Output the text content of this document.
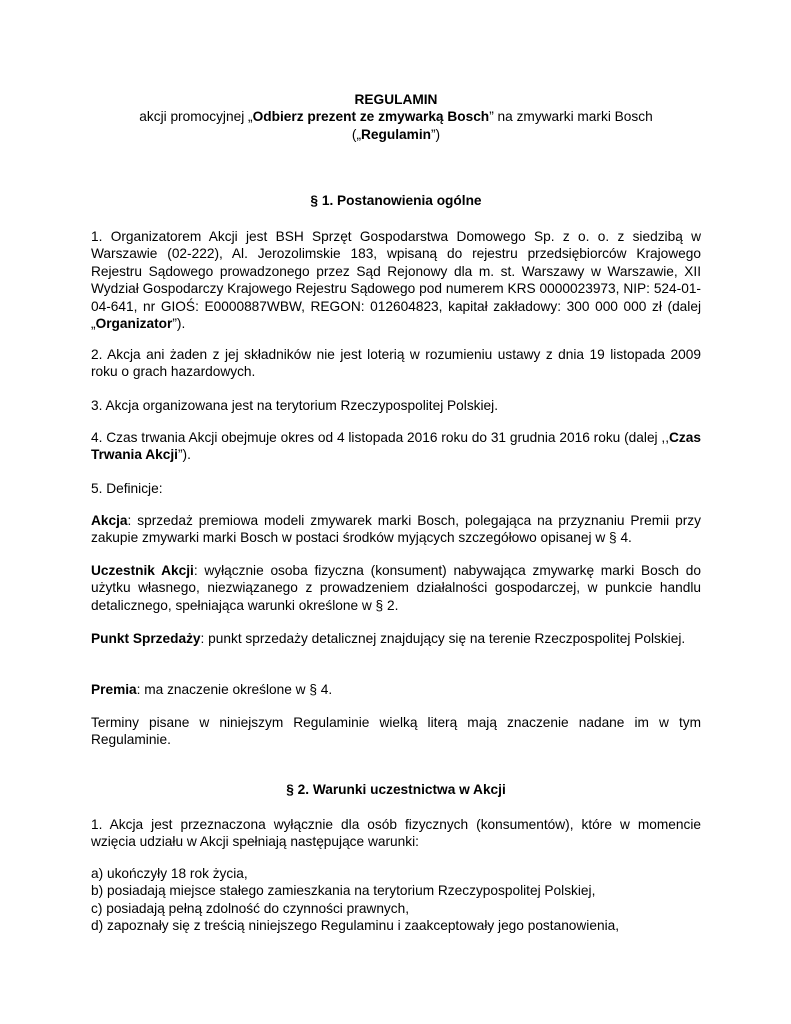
REGULAMIN

akcji promocyjnej „Odbierz prezent ze zmywarką Bosch” na zmywarki marki Bosch

(„Regulamin”)

§ 1. Postanowienia ogólne

1. Organizatorem Akcji jest BSH Sprzęt Gospodarstwa Domowego Sp. z o. o. z siedzibą w Warszawie (02-222), Al. Jerozolimskie 183, wpisaną do rejestru przedsiębiorców Krajowego Rejestru Sądowego prowadzonego przez Sąd Rejonowy dla m. st. Warszawy w Warszawie, XII Wydział Gospodarczy Krajowego Rejestru Sądowego pod numerem KRS 0000023973, NIP: 524-01-04-641, nr GIOŚ: E0000887WBW, REGON: 012604823, kapitał zakładowy: 300 000 000 zł (dalej „Organizator”).

2. Akcja ani żaden z jej składników nie jest loterią w rozumieniu ustawy z dnia 19 listopada 2009 roku o grach hazardowych.

3. Akcja organizowana jest na terytorium Rzeczypospolitej Polskiej.

4. Czas trwania Akcji obejmuje okres od 4 listopada 2016 roku do 31 grudnia 2016 roku (dalej ,,Czas Trwania Akcji”).

5. Definicje:

Akcja: sprzedaż premiowa modeli zmywarek marki Bosch, polegająca na przyznaniu Premii przy zakupie zmywarki marki Bosch w postaci środków myjących szczegółowo opisanej w § 4.

Uczestnik Akcji: wyłącznie osoba fizyczna (konsument) nabywająca zmywarkę marki Bosch do użytku własnego, niezwiązanego z prowadzeniem działalności gospodarczej, w punkcie handlu detalicznego, spełniająca warunki określone w § 2.

Punkt Sprzedaży: punkt sprzedaży detalicznej znajdujący się na terenie Rzeczpospolitej Polskiej.

Premia: ma znaczenie określone w § 4.

Terminy pisane w niniejszym Regulaminie wielką literą mają znaczenie nadane im w tym Regulaminie.

§ 2. Warunki uczestnictwa w Akcji

1. Akcja jest przeznaczona wyłącznie dla osób fizycznych (konsumentów), które w momencie wzięcia udziału w Akcji spełniają następujące warunki:

a) ukończyły 18 rok życia,

b) posiadają miejsce stałego zamieszkania na terytorium Rzeczypospolitej Polskiej,

c) posiadają pełną zdolność do czynności prawnych,

d) zapoznały się z treścią niniejszego Regulaminu i zaakceptowały jego postanowienia,
